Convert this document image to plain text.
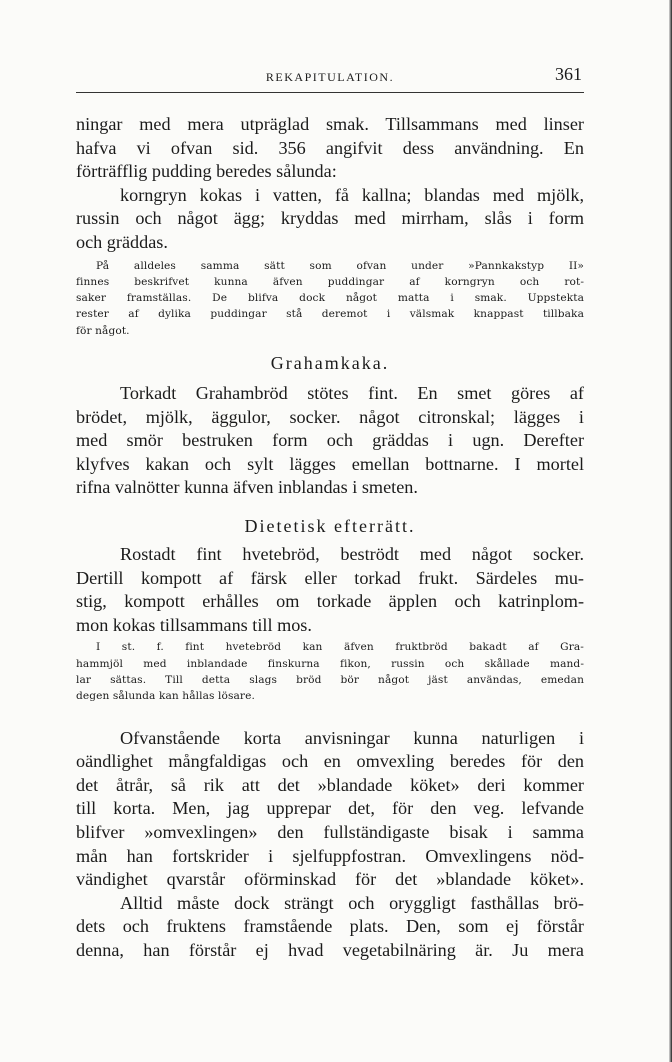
REKAPITULATION.	361
ningar med mera utpräglad smak. Tillsammans med linser
hafva vi ofvan sid. 356 angifvit dess användning. En
förträfflig pudding beredes sålunda:
korngryn kokas i vatten, få kallna; blandas med mjölk,
russin och något ägg; kryddas med mirrham, slås i form
och gräddas.
På alldeles samma sätt som ofvan under »Pannkakstyp II»
finnes beskrifvet kunna äfven puddingar af korngryn och rot-
saker framställas. De blifva dock något matta i smak. Uppstekta
rester af dylika puddingar stå deremot i välsmak knappast tillbaka
för något.
Grahamkaka.
Torkadt Grahambröd stötes fint. En smet göres af
brödet, mjölk, äggulor, socker. något citronskal; lägges i
med smör bestruken form och gräddas i ugn. Derefter
klyfves kakan och sylt lägges emellan bottnarne. I mortel
rifna valnötter kunna äfven inblandas i smeten.
Dietetisk efterrätt.
Rostadt fint hvetebröd, beströdt med något socker.
Dertill kompott af färsk eller torkad frukt. Särdeles mu-
stig, kompott erhålles om torkade äpplen och katrinplom-
mon kokas tillsammans till mos.
I st. f. fint hvetebröd kan äfven fruktbröd bakadt af Gra-
hammjöl med inblandade finskurna fikon, russin och skållade mand-
lar sättas. Till detta slags bröd bör något jäst användas, emedan
degen sålunda kan hållas lösare.
Ofvanstående korta anvisningar kunna naturligen i
oändlighet mångfaldigas och en omvexling beredes för den
det åtrår, så rik att det »blandade köket» deri kommer
till korta. Men, jag upprepar det, för den veg. lefvande
blifver »omvexlingen» den fullständigaste bisak i samma
mån han fortskrider i sjelfuppfostran. Omvexlingens nöd-
vändighet qvarstår oförminskad för det »blandade köket».
Alltid måste dock strängt och oryggligt fasthållas brö-
dets och fruktens framstående plats. Den, som ej förstår
denna, han förstår ej hvad vegetabilnäring är. Ju mera
